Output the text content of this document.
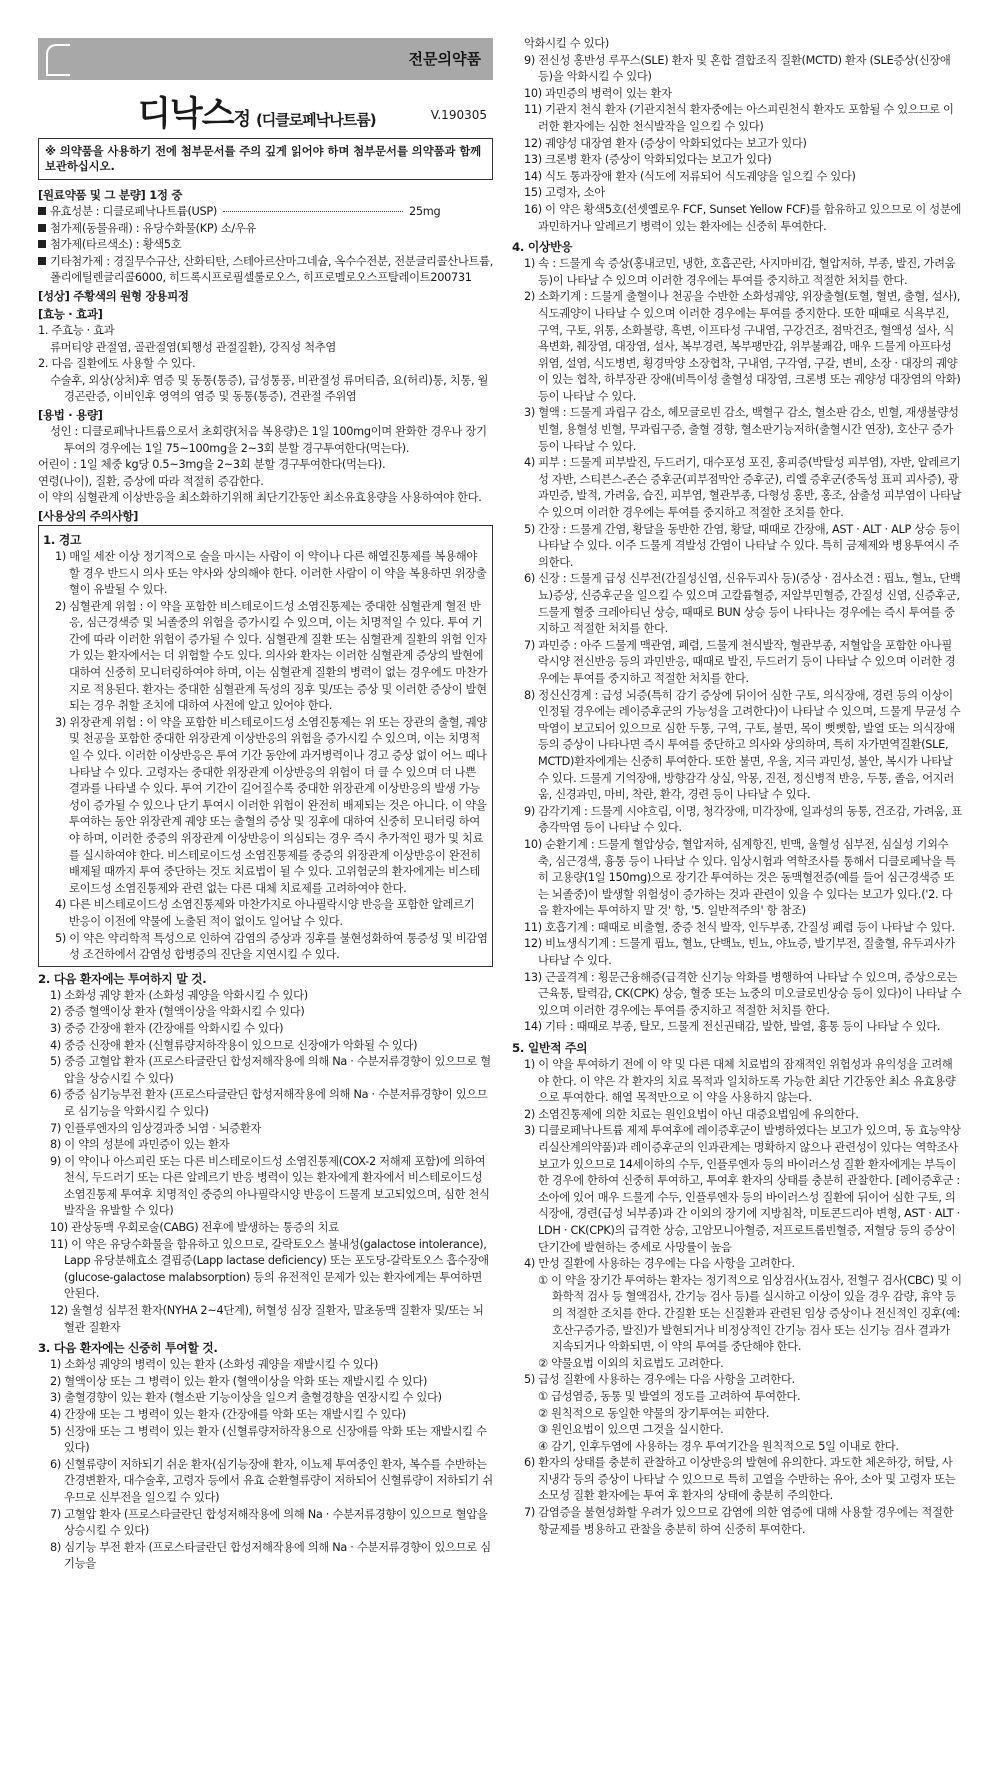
전문의약품
디낙스정 (디클로페낙나트륨)	V.190305
※ 의약품을 사용하기 전에 첨부문서를 주의 깊게 읽어야 하며 첨부문서를 의약품과 함께 보관하십시오.
[원료약품 및 그 분량] 1정 중
유효성분 : 디클로페낙나트륨(USP)	25mg
첨가제(동물유래) : 유당수화물(KP) 소/우유
첨가제(타르색소) : 황색5호
기타첨가제 : 경질무수규산, 산화티탄, 스테아르산마그네슘, 옥수수전분, 전분글리콜산나트륨, 폴리에틸렌글리콜6000, 히드록시프로필셀룰로오스, 히프로멜로오스프탈레이트200731
[성상] 주황색의 원형 장용피정
[효능 · 효과]
1. 주효능 · 효과
류머티양 관절염, 골관절염(퇴행성 관절질환), 강직성 척추염
2. 다음 질환에도 사용할 수 있다.
수술후, 외상(상처)후 염증 및 동통(통증), 급성통풍, 비관절성 류머티즘, 요(허리)통, 치통, 월경곤란증, 이비인후 영역의 염증 및 동통(통증), 견관절 주위염
[용법 · 용량]
성인 : 디클로페낙나트륨으로서 초회량(처음 복용량)은 1일 100mg이며 완화한 경우나 장기 투여의 경우에는 1일 75~100mg을 2~3회 분할 경구투여한다(먹는다).
어린이 : 1일 체중 kg당 0.5~3mg을 2~3회 분할 경구투여한다(먹는다).
연령(나이), 질환, 증상에 따라 적절히 증감한다.
이 약의 심혈관계 이상반응을 최소화하기위해 최단기간동안 최소유효용량을 사용하여야 한다.
[사용상의 주의사항]
1. 경고
1) 매일 세잔 이상 정기적으로 술을 마시는 사람이 이 약이나 다른 해열진통제를 복용해야 할 경우 반드시 의사 또는 약사와 상의해야 한다. 이러한 사람이 이 약을 복용하면 위장출혈이 유발될 수 있다.
2) 심혈관계 위험 : 이 약을 포함한 비스테로이드성 소염진통제는 중대한 심혈관계 혈전 반응, 심근경색증 및 뇌졸중의 위험을 증가시킬 수 있으며, 이는 치명적일 수 있다. 투여 기간에 따라 이러한 위험이 증가될 수 있다. 심혈관계 질환 또는 심혈관계 질환의 위험 인자가 있는 환자에서는 더 위험할 수도 있다. 의사와 환자는 이러한 심혈관계 증상의 발현에 대하여 신중히 모니터링하여야 하며, 이는 심혈관계 질환의 병력이 없는 경우에도 마찬가지로 적용된다. 환자는 중대한 심혈관계 독성의 징후 및/또는 증상 및 이러한 증상이 발현되는 경우 취할 조치에 대하여 사전에 알고 있어야 한다.
3) 위장관계 위험 : 이 약을 포함한 비스테로이드성 소염진통제는 위 또는 장관의 출혈, 궤양 및 천공을 포함한 중대한 위장관계 이상반응의 위험을 증가시킬 수 있으며, 이는 치명적일 수 있다. 이러한 이상반응은 투여 기간 동안에 과거병력이나 경고 증상 없이 어느 때나 나타날 수 있다. 고령자는 중대한 위장관계 이상반응의 위험이 더 클 수 있으며 더 나쁜 결과를 나타낼 수 있다. 투여 기간이 길어질수록 중대한 위장관계 이상반응의 발생 가능성이 증가될 수 있으나 단기 투여시 이러한 위험이 완전히 배제되는 것은 아니다. 이 약을 투여하는 동안 위장관계 궤양 또는 출혈의 증상 및 징후에 대하여 신중히 모니터링 하여야 하며, 이러한 중증의 위장관계 이상반응이 의심되는 경우 즉시 추가적인 평가 및 치료를 실시하여야 한다. 비스테로이드성 소염진통제를 중증의 위장관계 이상반응이 완전히 배제될 때까지 투여 중단하는 것도 치료법이 될 수 있다. 고위험군의 환자에게는 비스테로이드성 소염진통제와 관련 없는 다른 대체 치료제를 고려하여야 한다.
4) 다른 비스테로이드성 소염진통제와 마찬가지로 아나필락시양 반응을 포함한 알레르기 반응이 이전에 약물에 노출된 적이 없이도 일어날 수 있다.
5) 이 약은 약리학적 특성으로 인하여 감염의 증상과 징후를 불현성화하여 통증성 및 비감염성 조건하에서 감염성 합병증의 진단을 지연시킬 수 있다.
2. 다음 환자에는 투여하지 말 것.
1) 소화성 궤양 환자 (소화성 궤양을 악화시킬 수 있다)
2) 중증 혈액이상 환자 (혈액이상을 악화시킬 수 있다)
3) 중증 간장애 환자 (간장애를 악화시킬 수 있다)
4) 중증 신장애 환자 (신혈류량저하작용이 있으므로 신장애가 악화될 수 있다)
5) 중증 고혈압 환자 (프로스타글란딘 합성저해작용에 의해 Na · 수분저류경향이 있으므로 혈압을 상승시킬 수 있다)
6) 중증 심기능부전 환자 (프로스타글란딘 합성저해작용에 의해 Na · 수분저류경향이 있으므로 심기능을 악화시킬 수 있다)
7) 인플루엔자의 임상경과중 뇌염 · 뇌증환자
8) 이 약의 성분에 과민증이 있는 환자
9) 이 약이나 아스피린 또는 다른 비스테로이드성 소염진통제(COX-2 저해제 포함)에 의하여 천식, 두드러기 또는 다른 알레르기 반응 병력이 있는 환자에게 환자에서 비스테로이드성 소염진통제 투여후 치명적인 중증의 아나필락시양 반응이 드물게 보고되었으며, 심한 천식발작을 유발할 수 있다)
10) 관상동맥 우회로술(CABG) 전후에 발생하는 통증의 치료
11) 이 약은 유당수화물을 함유하고 있으므로, 갈락토오스 불내성(galactose intolerance), Lapp 유당분해효소 결핍증(Lapp lactase deficiency) 또는 포도당-갈락토오스 흡수장애(glucose-galactose malabsorption) 등의 유전적인 문제가 있는 환자에게는 투여하면 안된다.
12) 울혈성 심부전 환자(NYHA 2~4단계), 허혈성 심장 질환자, 말초동맥 질환자 및/또는 뇌혈관 질환자
3. 다음 환자에는 신중히 투여할 것.
1) 소화성 궤양의 병력이 있는 환자 (소화성 궤양을 재발시킬 수 있다)
2) 혈액이상 또는 그 병력이 있는 환자 (혈액이상을 악화 또는 재발시킬 수 있다)
3) 출혈경향이 있는 환자 (혈소판 기능이상을 일으켜 출혈경향을 연장시킬 수 있다)
4) 간장애 또는 그 병력이 있는 환자 (간장애를 악화 또는 재발시킬 수 있다)
5) 신장애 또는 그 병력이 있는 환자 (신혈류량저하작용으로 신장애를 악화 또는 재발시킬 수 있다)
6) 신혈류량이 저하되기 쉬운 환자(심기능장애 환자, 이뇨제 투여중인 환자, 복수를 수반하는 간경변환자, 대수술후, 고령자 등에서 유효 순환혈류량이 저하되어 신혈류량이 저하되기 쉬우므로 신부전을 일으킬 수 있다)
7) 고혈압 환자 (프로스타글란딘 합성저해작용에 의해 Na · 수분저류경향이 있으므로 혈압을 상승시킬 수 있다)
8) 심기능 부전 환자 (프로스타글란딘 합성저해작용에 의해 Na · 수분저류경향이 있으므로 심기능을
악화시킬 수 있다)
9) 전신성 홍반성 루푸스(SLE) 환자 및 혼합 결합조직 질환(MCTD) 환자 (SLE증상(신장애 등)을 악화시킬 수 있다)
10) 과민증의 병력이 있는 환자
11) 기관지 천식 환자 (기관지천식 환자중에는 아스피린천식 환자도 포함될 수 있으므로 이러한 환자에는 심한 천식발작을 일으킬 수 있다)
12) 궤양성 대장염 환자 (증상이 악화되었다는 보고가 있다)
13) 크론병 환자 (증상이 악화되었다는 보고가 있다)
14) 식도 통과장애 환자 (식도에 저류되어 식도궤양을 일으킬 수 있다)
15) 고령자, 소아
16) 이 약은 황색5호(선셋옐로우 FCF, Sunset Yellow FCF)를 함유하고 있으므로 이 성분에 과민하거나 알레르기 병력이 있는 환자에는 신중히 투여한다.
4. 이상반응
1) 속 : 드물게 속 증상(홍내코민, 냉한, 호흡곤란, 사지마비감, 혈압저하, 부종, 발진, 가려움 등)이 나타날 수 있으며 이러한 경우에는 투여를 중지하고 적절한 처치를 한다.
2) 소화기계 : 드물게 출혈이나 천공을 수반한 소화성궤양, 위장출혈(토혈, 혈변, 출혈, 설사), 식도궤양이 나타날 수 있으며 이러한 경우에는 투여를 중지한다. 또한 때때로 식욕부진, 구역, 구토, 위통, 소화불량, 흑변, 이프타성 구내염, 구강건조, 점막건조, 혈액성 설사, 식욕변화, 췌장염, 대장염, 설사, 복부경련, 복부팽만감, 위부불쾌감, 매우 드물게 아프타성 위염, 설염, 식도병변, 횡경막양 소장협착, 구내염, 구각염, 구갈, 변비, 소장 · 대장의 궤양이 있는 협착, 하부장관 장애(비특이성 출혈성 대장염, 크론병 또는 궤양성 대장염의 악화) 등이 나타날 수 있다.
3) 혈액 : 드물게 과립구 감소, 헤모글로빈 감소, 백혈구 감소, 혈소판 감소, 빈혈, 재생불량성 빈혈, 용혈성 빈혈, 무과립구증, 출혈 경향, 혈소판기능저하(출혈시간 연장), 호산구 증가 등이 나타날 수 있다.
4) 피부 : 드물게 피부발진, 두드러기, 대수포성 포진, 홍피증(박탈성 피부염), 자반, 알레르기성 자반, 스티븐스-존슨 증후군(피부점막안 증후군), 리엘 증후군(중독성 표피 괴사증), 광과민증, 발적, 가려움, 습진, 피부염, 혈관부종, 다형성 홍반, 홍조, 삼출성 피부염이 나타날 수 있으며 이러한 경우에는 투여를 중지하고 적절한 조치를 한다.
5) 간장 : 드물게 간염, 황달을 동반한 간염, 황달, 때때로 간장애, AST · ALT · ALP 상승 등이 나타날 수 있다. 이주 드물게 격발성 간염이 나타날 수 있다. 특히 금제제와 병용투여시 주의한다.
6) 신장 : 드물게 급성 신부전(간질성신염, 신유두괴사 등)(증상 · 검사소견 : 핍뇨, 혈뇨, 단백뇨)증상, 신증후군을 일으킬 수 있으며 고칼륨혈증, 저알부민혈증, 간질성 신염, 신증후군, 드물게 혈중 크레아티닌 상승, 때때로 BUN 상승 등이 나타나는 경우에는 즉시 투여를 중지하고 적절한 처치를 한다.
7) 과민증 : 아주 드물게 맥관염, 폐렴, 드물게 천식발작, 혈관부종, 저혈압을 포함한 아나필락시양 전신반응 등의 과민반응, 때때로 발진, 두드러기 등이 나타날 수 있으며 이러한 경우에는 투여를 중지하고 적절한 처치를 한다.
8) 정신신경계 : 급성 뇌증(특히 감기 증상에 뒤이어 심한 구토, 의식장애, 경련 등의 이상이 인정될 경우에는 레이증후군의 가능성을 고려한다)이 나타날 수 있으며, 드물게 무균성 수막염이 보고되어 있으므로 심한 두통, 구역, 구토, 불면, 목이 뻣뻣함, 발열 또는 의식장애 등의 증상이 나타나면 즉시 투여를 중단하고 의사와 상의하며, 특히 자가면역질환(SLE, MCTD)환자에게는 신중히 투여한다. 또한 불면, 우울, 지극 과민성, 불안, 복시가 나타날 수 있다. 드물게 기억장애, 방향감각 상실, 악몽, 진전, 정신병적 반응, 두통, 졸음, 어지러움, 신경과민, 마비, 착란, 환각, 경련 등이 나타날 수 있다.
9) 감각기계 : 드물게 시야흐림, 이명, 청각장애, 미각장애, 일과성의 동통, 건조감, 가려움, 표층각막염 등이 나타날 수 있다.
10) 순환기계 : 드물게 혈압상승, 혈압저하, 심계항진, 빈맥, 울혈성 심부전, 심실성 기외수축, 심근경색, 흉통 등이 나타날 수 있다. 임상시험과 역학조사를 통해서 디클로페낙을 특히 고용량(1일 150mg)으로 장기간 투여하는 것은 동맥혈전증(예를 들어 심근경색증 또는 뇌졸중)이 발생할 위험성이 증가하는 것과 관련이 있을 수 있다는 보고가 있다.('2. 다음 환자에는 투여하지 말 것' 항, '5. 일반적주의' 항 참조)
11) 호흡기계 : 때때로 비출혈, 중증 천식 발작, 인두부종, 간질성 폐렴 등이 나타날 수 있다.
12) 비뇨생식기계 : 드물게 핍뇨, 혈뇨, 단백뇨, 빈뇨, 야뇨증, 발기부전, 질출혈, 유두괴사가 나타날 수 있다.
13) 근골격계 : 횡문근융해증(급격한 신기능 악화를 병행하여 나타날 수 있으며, 증상으로는 근육통, 탈력감, CK(CPK) 상승, 혈중 또는 뇨중의 미오글로빈상승 등이 있다)이 나타날 수 있으며 이러한 경우에는 투여를 중지하고 적절한 처치를 한다.
14) 기타 : 때때로 부종, 탈모, 드물게 전신권태감, 발한, 발열, 흉통 등이 나타날 수 있다.
5. 일반적 주의
1) 이 약을 투여하기 전에 이 약 및 다른 대체 치료법의 잠재적인 위험성과 유익성을 고려해야 한다. 이 약은 각 환자의 치료 목적과 일치하도록 가능한 최단 기간동안 최소 유효용량으로 투여한다. 해열 목적만으로 이 약을 사용하지 않는다.
2) 소염진통제에 의한 치료는 원인요법이 아닌 대증요법임에 유의한다.
3) 디클로페낙나트륨 제제 투여후에 레이증후군이 발병하였다는 보고가 있으며, 동 효능약상리실산계의약품)과 레이증후군의 인과관계는 명확하지 않으나 관련성이 있다는 역학조사보고가 있으므로 14세이하의 수두, 인플루엔자 등의 바이러스성 질환 환자에게는 부득이한 경우에 한하여 신중히 투여하고, 투여후 환자의 상태를 충분히 관찰한다. [레이증후군 : 소아에 있어 매우 드물게 수두, 인플루엔자 등의 바이러스성 질환에 뒤이어 심한 구토, 의식장애, 경련(급성 뇌부종)과 간 이외의 장기에 지방침착, 미토콘드리아 변형, AST · ALT · LDH · CK(CPK)의 급격한 상승, 고암모니아혈증, 저프로트롬빈혈증, 저혈당 등의 증상이 단기간에 발현하는 중세로 사망률이 높음
4) 만성 질환에 사용하는 경우에는 다음 사항을 고려한다.
① 이 약을 장기간 투여하는 환자는 정기적으로 임상검사(뇨검사, 전혈구 검사(CBC) 및 이화학적 검사 등 혈액검사, 간기능 검사 등)를 실시하고 이상이 있을 경우 감량, 휴약 등의 적절한 조치를 한다. 간질환 또는 신질환과 관련된 임상 증상이나 전신적인 징후(예: 호산구증가증, 발진)가 발현되거나 비정상적인 간기능 검사 또는 신기능 검사 결과가 지속되거나 악화되면, 이 약의 투여를 중단해야 한다.
② 약물요법 이외의 치료법도 고려한다.
5) 급성 질환에 사용하는 경우에는 다음 사항을 고려한다.
① 급성염증, 동통 및 발열의 정도를 고려하여 투여한다.
② 원칙적으로 동일한 약물의 장기투여는 피한다.
③ 원인요법이 있으면 그것을 실시한다.
④ 감기, 인후두염에 사용하는 경우 투여기간을 원칙적으로 5일 이내로 한다.
6) 환자의 상태를 충분히 관찰하고 이상반응의 발현에 유의한다. 과도한 체온하강, 허탈, 사지냉각 등의 증상이 나타날 수 있으므로 특히 고열을 수반하는 유아, 소아 및 고령자 또는 소모성 질환 환자에는 투여 후 환자의 상태에 충분히 주의한다.
7) 감염증을 불현성화할 우려가 있으므로 감염에 의한 염증에 대해 사용할 경우에는 적절한 항균제를 병용하고 관찰을 충분히 하여 신중히 투여한다.
